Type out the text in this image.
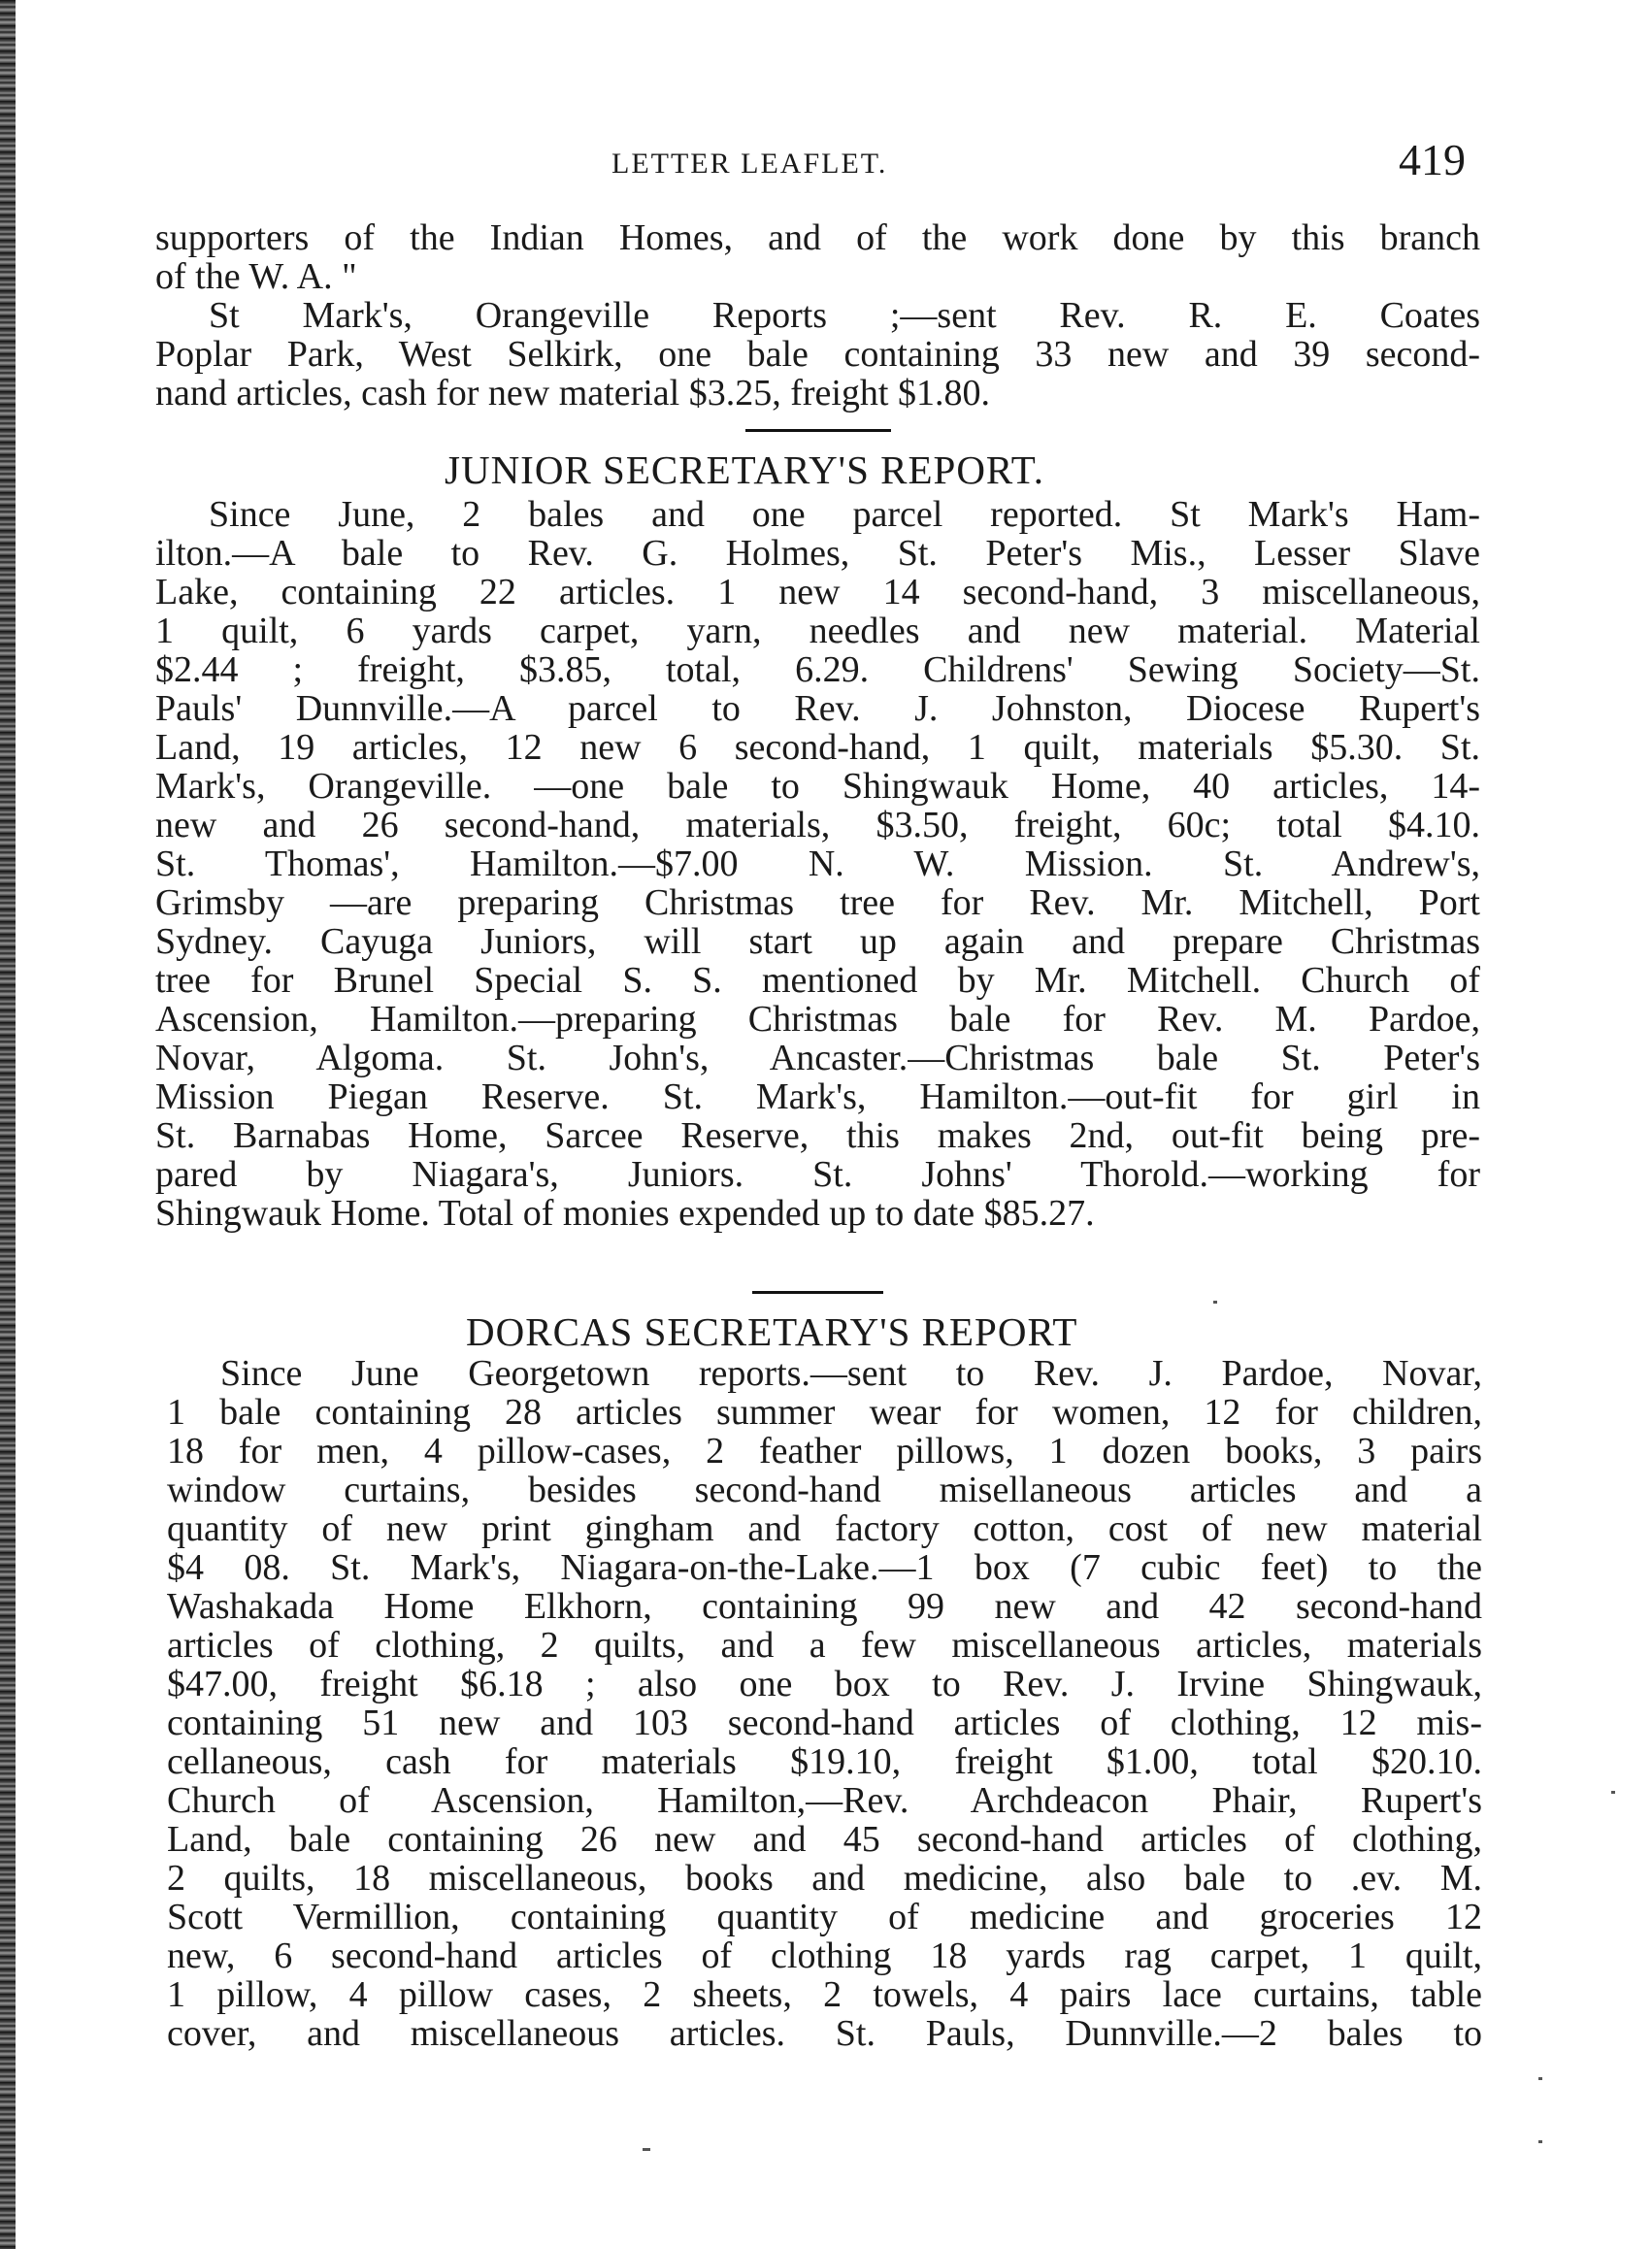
LETTER LEAFLET.	419
supporters of the Indian Homes, and of the work done by this branch
of the W. A. "
St Mark's, Orangeville Reports ;—sent Rev. R. E. Coates
Poplar Park, West Selkirk, one bale containing 33 new and 39 second-
nand articles, cash for new material $3.25, freight $1.80.
JUNIOR SECRETARY'S REPORT.
Since June, 2 bales and one parcel reported. St Mark's Ham-
ilton.—A bale to Rev. G. Holmes, St. Peter's Mis., Lesser Slave
Lake, containing 22 articles. 1 new 14 second-hand, 3 miscellaneous,
1 quilt, 6 yards carpet, yarn, needles and new material. Material
$2.44 ; freight, $3.85, total, 6.29. Childrens' Sewing Society—St.
Pauls' Dunnville.—A parcel to Rev. J. Johnston, Diocese Rupert's
Land, 19 articles, 12 new 6 second-hand, 1 quilt, materials $5.30. St.
Mark's, Orangeville. —one bale to Shingwauk Home, 40 articles, 14-
new and 26 second-hand, materials, $3.50, freight, 60c; total $4.10.
St. Thomas', Hamilton.—$7.00 N. W. Mission. St. Andrew's,
Grimsby —are preparing Christmas tree for Rev. Mr. Mitchell, Port
Sydney. Cayuga Juniors, will start up again and prepare Christmas
tree for Brunel Special S. S. mentioned by Mr. Mitchell. Church of
Ascension, Hamilton.—preparing Christmas bale for Rev. M. Pardoe,
Novar, Algoma. St. John's, Ancaster.—Christmas bale St. Peter's
Mission Piegan Reserve. St. Mark's, Hamilton.—out-fit for girl in
St. Barnabas Home, Sarcee Reserve, this makes 2nd, out-fit being pre-
pared by Niagara's, Juniors. St. Johns' Thorold.—working for
Shingwauk Home. Total of monies expended up to date $85.27.
DORCAS SECRETARY'S REPORT
Since June Georgetown reports.—sent to Rev. J. Pardoe, Novar,
1 bale containing 28 articles summer wear for women, 12 for children,
18 for men, 4 pillow-cases, 2 feather pillows, 1 dozen books, 3 pairs
window curtains, besides second-hand misellaneous articles and a
quantity of new print gingham and factory cotton, cost of new material
$4 08. St. Mark's, Niagara-on-the-Lake.—1 box (7 cubic feet) to the
Washakada Home Elkhorn, containing 99 new and 42 second-hand
articles of clothing, 2 quilts, and a few miscellaneous articles, materials
$47.00, freight $6.18 ; also one box to Rev. J. Irvine Shingwauk,
containing 51 new and 103 second-hand articles of clothing, 12 mis-
cellaneous, cash for materials $19.10, freight $1.00, total $20.10.
Church of Ascension, Hamilton,—Rev. Archdeacon Phair, Rupert's
Land, bale containing 26 new and 45 second-hand articles of clothing,
2 quilts, 18 miscellaneous, books and medicine, also bale to .ev. M.
Scott Vermillion, containing quantity of medicine and groceries 12
new, 6 second-hand articles of clothing 18 yards rag carpet, 1 quilt,
1 pillow, 4 pillow cases, 2 sheets, 2 towels, 4 pairs lace curtains, table
cover, and miscellaneous articles. St. Pauls, Dunnville.—2 bales to
